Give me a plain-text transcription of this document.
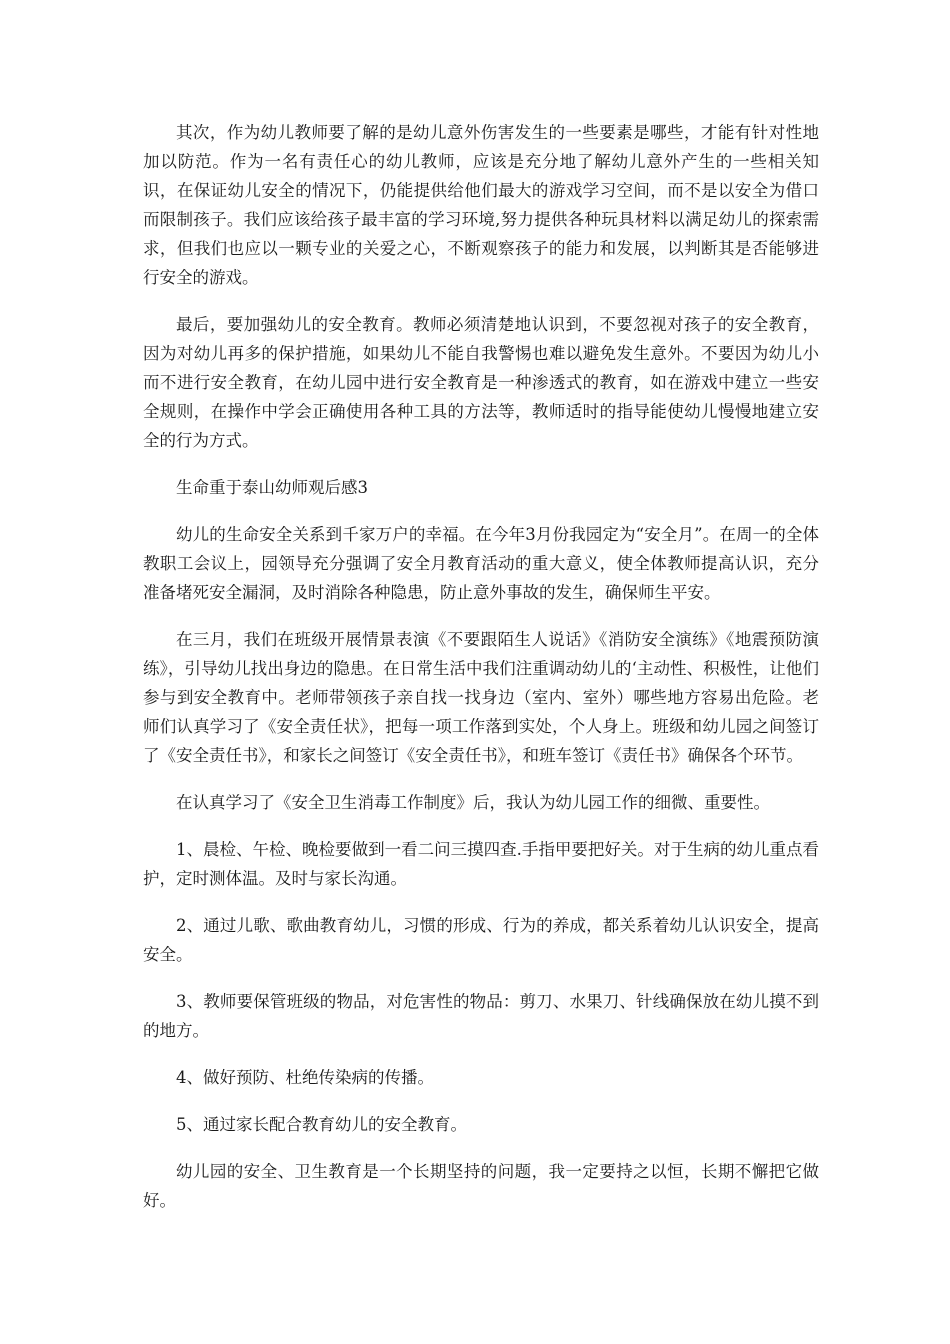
其次，作为幼儿教师要了解的是幼儿意外伤害发生的一些要素是哪些，才能有针对性地加以防范。作为一名有责任心的幼儿教师，应该是充分地了解幼儿意外产生的一些相关知识，在保证幼儿安全的情况下，仍能提供给他们最大的游戏学习空间，而不是以安全为借口而限制孩子。我们应该给孩子最丰富的学习环境,努力提供各种玩具材料以满足幼儿的探索需求，但我们也应以一颗专业的关爱之心，不断观察孩子的能力和发展，以判断其是否能够进行安全的游戏。

最后，要加强幼儿的安全教育。教师必须清楚地认识到，不要忽视对孩子的安全教育，因为对幼儿再多的保护措施，如果幼儿不能自我警惕也难以避免发生意外。不要因为幼儿小而不进行安全教育，在幼儿园中进行安全教育是一种渗透式的教育，如在游戏中建立一些安全规则，在操作中学会正确使用各种工具的方法等，教师适时的指导能使幼儿慢慢地建立安全的行为方式。

生命重于泰山幼师观后感3

幼儿的生命安全关系到千家万户的幸福。在今年3月份我园定为“安全月”。在周一的全体教职工会议上，园领导充分强调了安全月教育活动的重大意义，使全体教师提高认识，充分准备堵死安全漏洞，及时消除各种隐患，防止意外事故的发生，确保师生平安。

在三月，我们在班级开展情景表演《不要跟陌生人说话》《消防安全演练》《地震预防演练》，引导幼儿找出身边的隐患。在日常生活中我们注重调动幼儿的‘主动性、积极性，让他们参与到安全教育中。老师带领孩子亲自找一找身边（室内、室外）哪些地方容易出危险。老师们认真学习了《安全责任状》，把每一项工作落到实处，个人身上。班级和幼儿园之间签订了《安全责任书》，和家长之间签订《安全责任书》，和班车签订《责任书》确保各个环节。

在认真学习了《安全卫生消毒工作制度》后，我认为幼儿园工作的细微、重要性。

1、晨检、午检、晚检要做到一看二问三摸四查.手指甲要把好关。对于生病的幼儿重点看护，定时测体温。及时与家长沟通。

2、通过儿歌、歌曲教育幼儿，习惯的形成、行为的养成，都关系着幼儿认识安全，提高安全。

3、教师要保管班级的物品，对危害性的物品：剪刀、水果刀、针线确保放在幼儿摸不到的地方。

4、做好预防、杜绝传染病的传播。

5、通过家长配合教育幼儿的安全教育。

幼儿园的安全、卫生教育是一个长期坚持的问题，我一定要持之以恒，长期不懈把它做好。
